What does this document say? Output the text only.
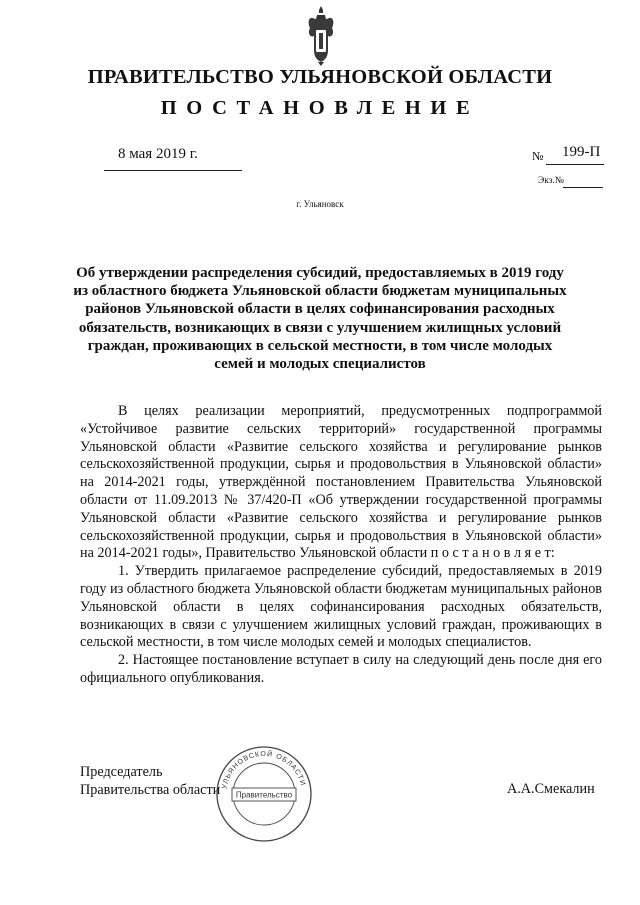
ПРАВИТЕЛЬСТВО УЛЬЯНОВСКОЙ ОБЛАСТИ
ПОСТАНОВЛЕНИЕ
8 мая 2019 г.	№ 199-П
Экз.№
г. Ульяновск
Об утверждении распределения субсидий, предоставляемых в 2019 году из областного бюджета Ульяновской области бюджетам муниципальных районов Ульяновской области в целях софинансирования расходных обязательств, возникающих в связи с улучшением жилищных условий граждан, проживающих в сельской местности, в том числе молодых семей и молодых специалистов

В целях реализации мероприятий, предусмотренных подпрограммой «Устойчивое развитие сельских территорий» государственной программы Ульяновской области «Развитие сельского хозяйства и регулирование рынков сельскохозяйственной продукции, сырья и продовольствия в Ульяновской области» на 2014-2021 годы, утверждённой постановлением Правительства Ульяновской области от 11.09.2013 № 37/420-П «Об утверждении государственной программы Ульяновской области «Развитие сельского хозяйства и регулирование рынков сельскохозяйственной продукции, сырья и продовольствия в Ульяновской области» на 2014-2021 годы», Правительство Ульяновской области п о с т а н о в л я е т:

1. Утвердить прилагаемое распределение субсидий, предоставляемых в 2019 году из областного бюджета Ульяновской области бюджетам муниципальных районов Ульяновской области в целях софинансирования расходных обязательств, возникающих в связи с улучшением жилищных условий граждан, проживающих в сельской местности, в том числе молодых семей и молодых специалистов.

2. Настоящее постановление вступает в силу на следующий день после дня его официального опубликования.

Председатель
Правительства области	А.А.Смекалин
УЛЬЯНОВСКОЙ ОБЛАСТИ
Правительство
